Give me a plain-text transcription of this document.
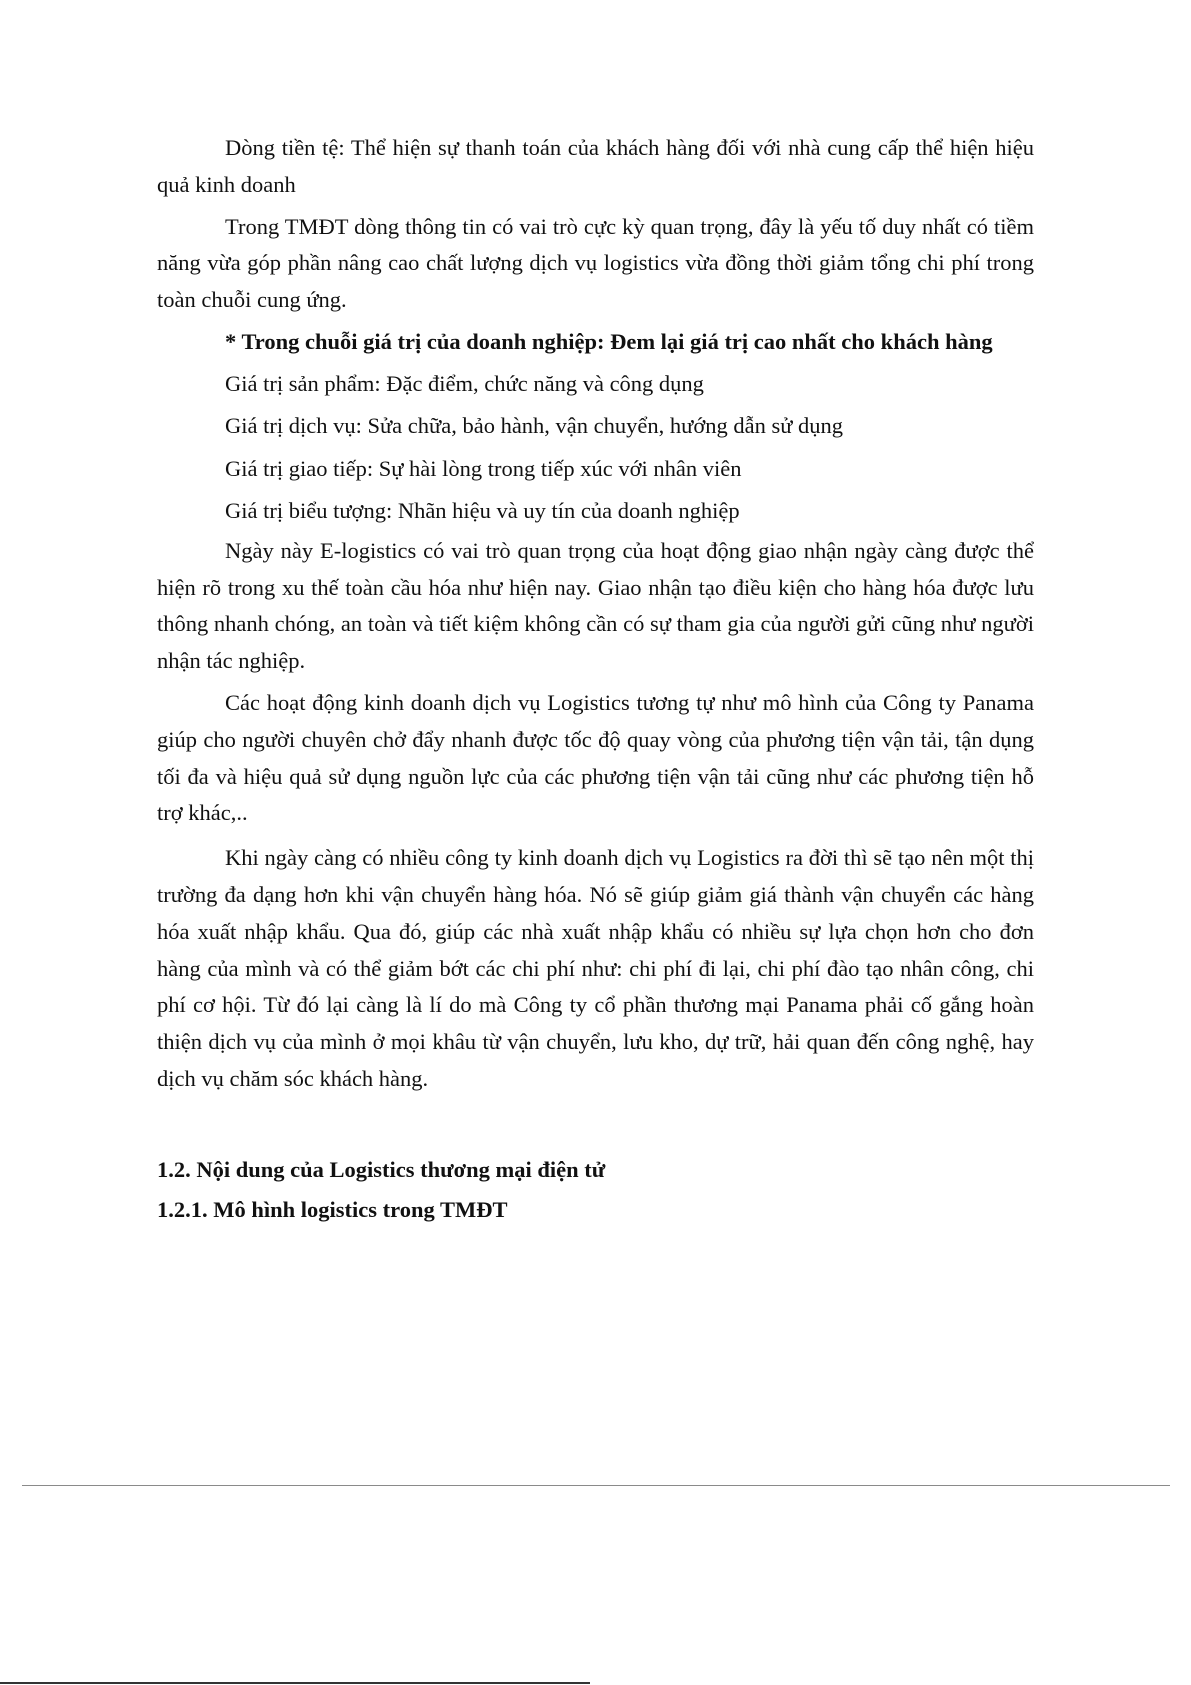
Dòng tiền tệ: Thể hiện sự thanh toán của khách hàng đối với nhà cung cấp thể hiện hiệu quả kinh doanh

Trong TMĐT dòng thông tin có vai trò cực kỳ quan trọng, đây là yếu tố duy nhất có tiềm năng vừa góp phần nâng cao chất lượng dịch vụ logistics vừa đồng thời giảm tổng chi phí trong toàn chuỗi cung ứng.

* Trong chuỗi giá trị của doanh nghiệp: Đem lại giá trị cao nhất cho khách hàng

Giá trị sản phẩm: Đặc điểm, chức năng và công dụng

Giá trị dịch vụ: Sửa chữa, bảo hành, vận chuyển, hướng dẫn sử dụng

Giá trị giao tiếp: Sự hài lòng trong tiếp xúc với nhân viên

Giá trị biểu tượng: Nhãn hiệu và uy tín của doanh nghiệp

Ngày này E-logistics có vai trò quan trọng của hoạt động giao nhận ngày càng được thể hiện rõ trong xu thế toàn cầu hóa như hiện nay. Giao nhận tạo điều kiện cho hàng hóa được lưu thông nhanh chóng, an toàn và tiết kiệm không cần có sự tham gia của người gửi cũng như người nhận tác nghiệp.

Các hoạt động kinh doanh dịch vụ Logistics tương tự như mô hình của Công ty Panama giúp cho người chuyên chở đẩy nhanh được tốc độ quay vòng của phương tiện vận tải, tận dụng tối đa và hiệu quả sử dụng nguồn lực của các phương tiện vận tải cũng như các phương tiện hỗ trợ khác,..

Khi ngày càng có nhiều công ty kinh doanh dịch vụ Logistics ra đời thì sẽ tạo nên một thị trường đa dạng hơn khi vận chuyển hàng hóa. Nó sẽ giúp giảm giá thành vận chuyển các hàng hóa xuất nhập khẩu. Qua đó, giúp các nhà xuất nhập khẩu có nhiều sự lựa chọn hơn cho đơn hàng của mình và có thể giảm bớt các chi phí như: chi phí đi lại, chi phí đào tạo nhân công, chi phí cơ hội. Từ đó lại càng là lí do mà Công ty cổ phần thương mại Panama phải cố gắng hoàn thiện dịch vụ của mình ở mọi khâu từ vận chuyển, lưu kho, dự trữ, hải quan đến công nghệ, hay dịch vụ chăm sóc khách hàng.

1.2. Nội dung của Logistics thương mại điện tử

1.2.1. Mô hình logistics trong TMĐT
